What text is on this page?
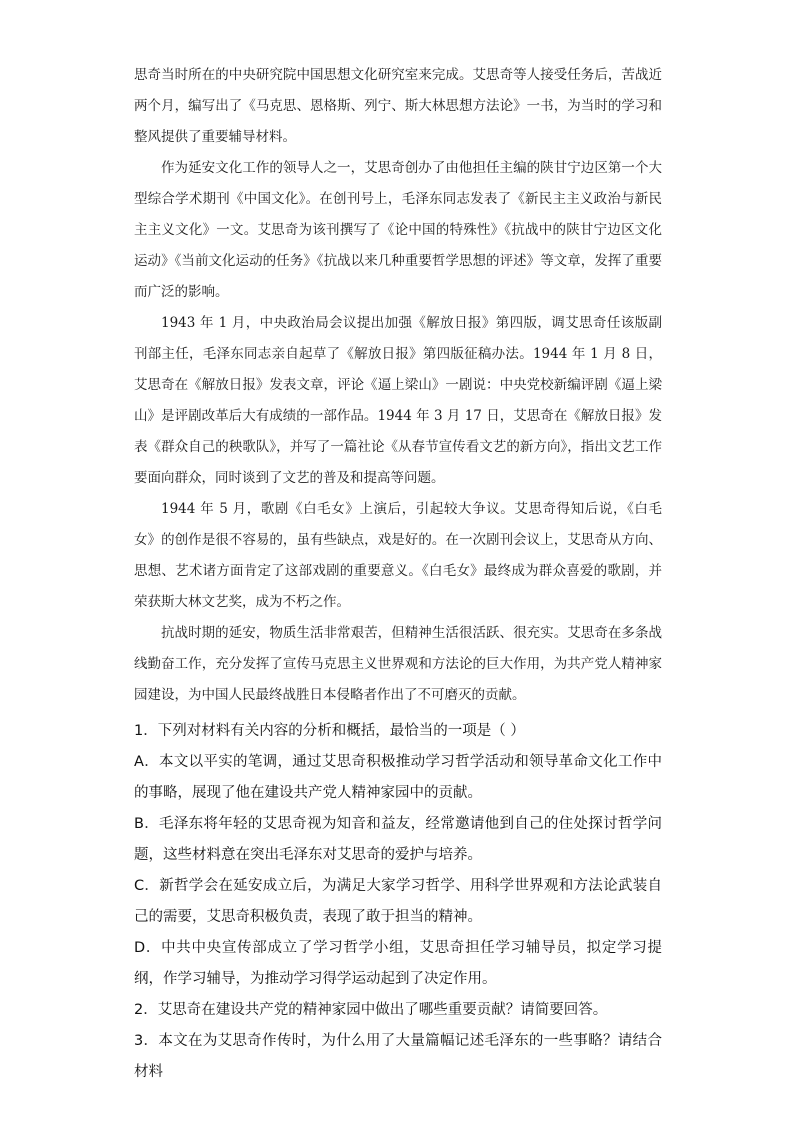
思奇当时所在的中央研究院中国思想文化研究室来完成。艾思奇等人接受任务后，苦战近两个月，编写出了《马克思、恩格斯、列宁、斯大林思想方法论》一书，为当时的学习和整风提供了重要辅导材料。

作为延安文化工作的领导人之一，艾思奇创办了由他担任主编的陕甘宁边区第一个大型综合学术期刊《中国文化》。在创刊号上，毛泽东同志发表了《新民主主义政治与新民主主义文化》一文。艾思奇为该刊撰写了《论中国的特殊性》《抗战中的陕甘宁边区文化运动》《当前文化运动的任务》《抗战以来几种重要哲学思想的评述》等文章，发挥了重要而广泛的影响。

1943 年 1 月，中央政治局会议提出加强《解放日报》第四版，调艾思奇任该版副刊部主任，毛泽东同志亲自起草了《解放日报》第四版征稿办法。1944 年 1 月 8 日，艾思奇在《解放日报》发表文章，评论《逼上梁山》一剧说：中央党校新编评剧《逼上梁山》是评剧改革后大有成绩的一部作品。1944 年 3 月 17 日，艾思奇在《解放日报》发表《群众自己的秧歌队》，并写了一篇社论《从春节宣传看文艺的新方向》，指出文艺工作要面向群众，同时谈到了文艺的普及和提高等问题。

1944 年 5 月，歌剧《白毛女》上演后，引起较大争议。艾思奇得知后说，《白毛女》的创作是很不容易的，虽有些缺点，戏是好的。在一次剧刊会议上，艾思奇从方向、思想、艺术诸方面肯定了这部戏剧的重要意义。《白毛女》最终成为群众喜爱的歌剧，并荣获斯大林文艺奖，成为不朽之作。

抗战时期的延安，物质生活非常艰苦，但精神生活很活跃、很充实。艾思奇在多条战线勤奋工作，充分发挥了宣传马克思主义世界观和方法论的巨大作用，为共产党人精神家园建设，为中国人民最终战胜日本侵略者作出了不可磨灭的贡献。

1．下列对材料有关内容的分析和概括，最恰当的一项是（ ）

A．本文以平实的笔调，通过艾思奇积极推动学习哲学活动和领导革命文化工作中的事略，展现了他在建设共产党人精神家园中的贡献。

B．毛泽东将年轻的艾思奇视为知音和益友，经常邀请他到自己的住处探讨哲学问题，这些材料意在突出毛泽东对艾思奇的爱护与培养。

C．新哲学会在延安成立后，为满足大家学习哲学、用科学世界观和方法论武装自己的需要，艾思奇积极负责，表现了敢于担当的精神。

D．中共中央宣传部成立了学习哲学小组，艾思奇担任学习辅导员，拟定学习提纲，作学习辅导，为推动学习得学运动起到了决定作用。

2．艾思奇在建设共产党的精神家园中做出了哪些重要贡献？请简要回答。

3．本文在为艾思奇作传时，为什么用了大量篇幅记述毛泽东的一些事略？请结合材料
